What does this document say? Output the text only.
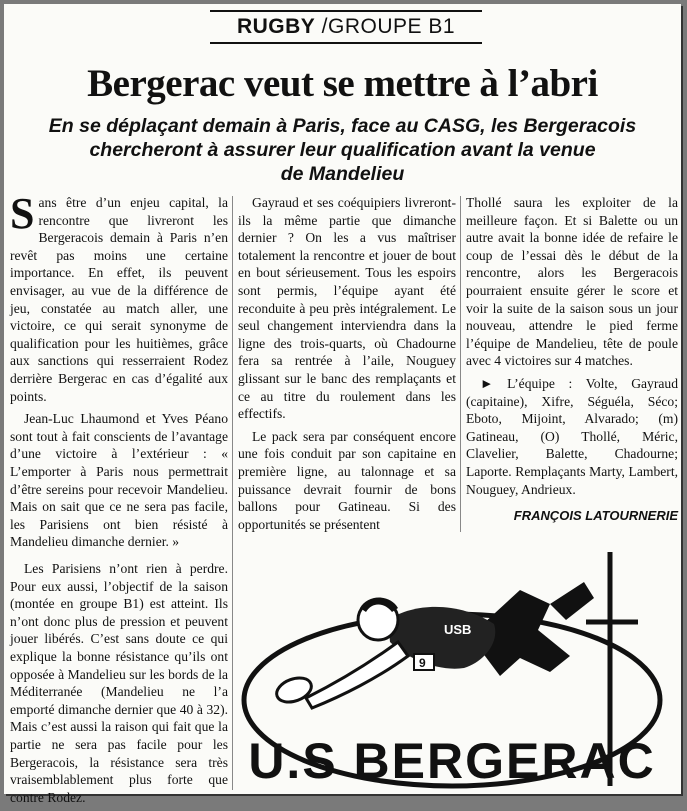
RUGBY /GROUPE B1
Bergerac veut se mettre à l’abri
En se déplaçant demain à Paris, face au CASG, les Bergeracois
chercheront à assurer leur qualification avant la venue
de Mandelieu

Sans être d’un enjeu capital, la rencontre que livreront les Bergeracois demain à Paris n’en revêt pas moins une certaine importance. En effet, ils peuvent envisager, au vue de la différence de jeu, constatée au match aller, une victoire, ce qui serait synonyme de qualification pour les huitièmes, grâce aux sanctions qui resserraient Rodez derrière Bergerac en cas d’égalité aux points.

Jean-Luc Lhaumond et Yves Péano sont tout à fait conscients de l’avantage d’une victoire à l’extérieur : « L’emporter à Paris nous permettrait d’être sereins pour recevoir Mandelieu. Mais on sait que ce ne sera pas facile, les Parisiens ont bien résisté à Mandelieu dimanche dernier. »

Les Parisiens n’ont rien à perdre. Pour eux aussi, l’objectif de la saison (montée en groupe B1) est atteint. Ils n’ont donc plus de pression et peuvent jouer libérés. C’est sans doute ce qui explique la bonne résistance qu’ils ont opposée à Mandelieu sur les bords de la Méditerranée (Mandelieu ne l’a emporté dimanche dernier que 40 à 32). Mais c’est aussi la raison qui fait que la partie ne sera pas facile pour les Bergeracois, la résistance sera très vraisemblablement plus forte que contre Rodez.

Gayraud et ses coéquipiers livreront-ils la même partie que dimanche dernier ? On les a vus maîtriser totalement la rencontre et jouer de bout en bout sérieusement. Tous les espoirs sont permis, l’équipe ayant été reconduite à peu près intégralement. Le seul changement interviendra dans la ligne des trois-quarts, où Chadourne fera sa rentrée à l’aile, Nouguey glissant sur le banc des remplaçants et ce au titre du roulement dans les effectifs.

Le pack sera par conséquent encore une fois conduit par son capitaine en première ligne, au talonnage et sa puissance devrait fournir de bons ballons pour Gatineau. Si des opportunités se présentent

Thollé saura les exploiter de la meilleure façon. Et si Balette ou un autre avait la bonne idée de refaire le coup de l’essai dès le début de la rencontre, alors les Bergeracois pourraient ensuite gérer le score et voir la suite de la saison sous un jour nouveau, attendre le pied ferme l’équipe de Mandelieu, tête de poule avec 4 victoires sur 4 matches.

► L’équipe : Volte, Gayraud (capitaine), Xifre, Séguéla, Séco; Eboto, Mijoint, Alvarado; (m) Gatineau, (O) Thollé, Méric, Clavelier, Balette, Chadourne; Laporte. Remplaçants Marty, Lambert, Nouguey, Andrieux.

FRANÇOIS LATOURNERIE
USB
9
U.S BERGERAC
